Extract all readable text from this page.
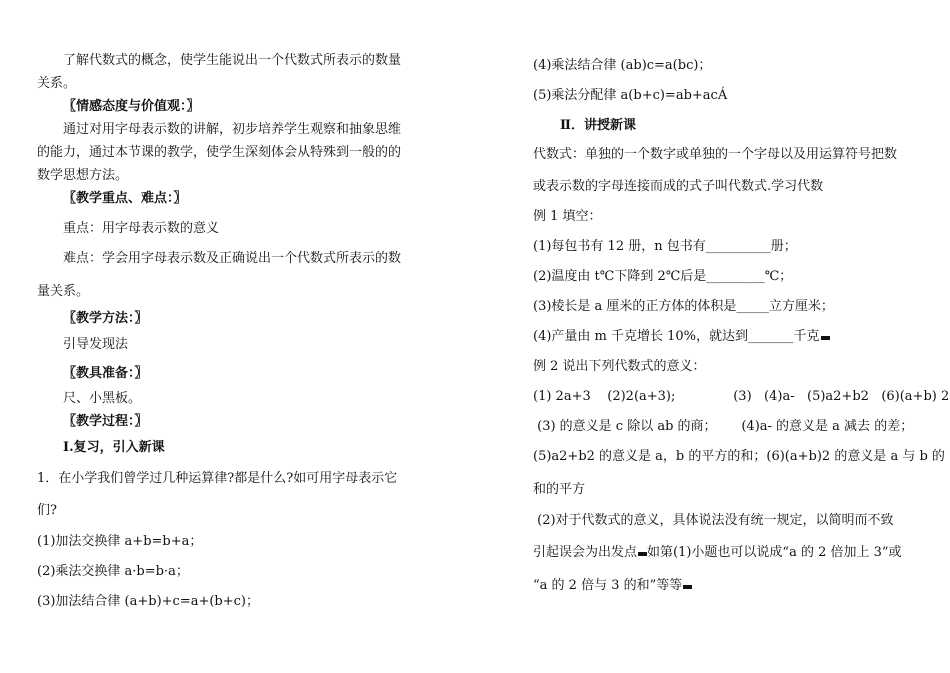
了解代数式的概念，使学生能说出一个代数式所表示的数量
关系。
〖情感态度与价值观：〗
通过对用字母表示数的讲解，初步培养学生观察和抽象思维
的能力，通过本节课的教学，使学生深刻体会从特殊到一般的的
数学思想方法。
〖教学重点、难点：〗
重点：用字母表示数的意义
难点：学会用字母表示数及正确说出一个代数式所表示的数
量关系。
〖教学方法：〗
引导发现法
〖教具准备：〗
尺、小黑板。
〖教学过程：〗
Ⅰ.复习，引入新课
1．在小学我们曾学过几种运算律?都是什么?如可用字母表示它
们?
(1)加法交换律 a+b=b+a；
(2)乘法交换律 a·b=b·a；
(3)加法结合律 (a+b)+c=a+(b+c)；
(4)乘法结合律 (ab)c=a(bc)；
(5)乘法分配律 a(b+c)=ab+acÁ
Ⅱ．讲授新课
代数式：单独的一个数字或单独的一个字母以及用运算符号把数
或表示数的字母连接而成的式子叫代数式.学习代数
例 1 填空：
(1)每包书有 12 册，n 包书有__________册；
(2)温度由 t℃下降到 2℃后是_________℃；
(3)棱长是 a 厘米的正方体的体积是_____立方厘米；
(4)产量由 m 千克增长 10%，就达到_______千克
例 2 说出下列代数式的意义：
(1) 2a+3    (2)2(a+3);              (3)   (4)a-   (5)a2+b2   (6)(a+b) 2
(3) 的意义是 c 除以 ab 的商；      (4)a- 的意义是 a 减去 的差；
(5)a2+b2 的意义是 a，b 的平方的和；(6)(a+b)2 的意义是 a 与 b 的
和的平方
(2)对于代数式的意义，具体说法没有统一规定，以简明而不致
引起误会为出发点 如第(1)小题也可以说成“a 的 2 倍加上 3”或
“a 的 2 倍与 3 的和”等等
